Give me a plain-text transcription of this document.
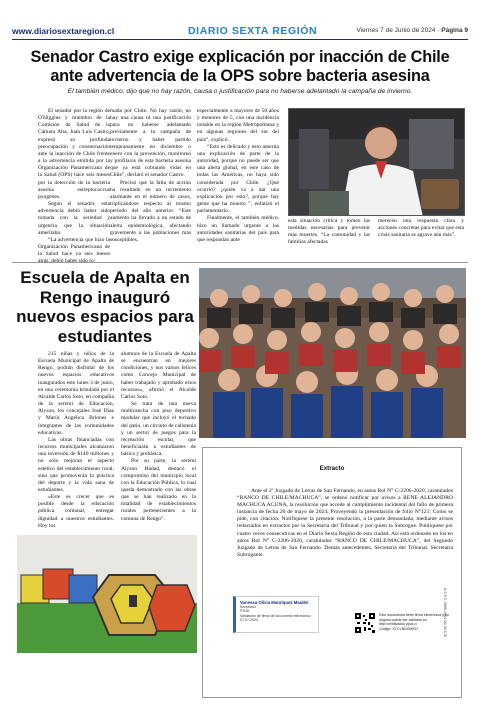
www.diariosextaregion.cl	DIARIO SEXTA REGIÓN	Viernes 7 de Junio de 2024 · Página 9
Senador Castro exige explicación por inacción de Chile ante advertencia de la OPS sobre bacteria asesina
El también médico, dijo que no hay razón, causa o justificación para no haberse adelantado la campaña de invierno.

El senador por la región de O'Higgins y miembro de la Comisión de Salud de la Cámara Alta, Juan Luis Castro, expresó su profunda preocupación y consternación ante la inacción de Chile frente a la advertencia emitida por la Organización Panamericana de la Salud (OPS) hace seis meses por la detección de la bacteria asesina estreptococcus pyogenes.

Según el senador, esta advertencia debió haber sido tomada con la seriedad y urgencia que la situación ameritaba.

“La advertencia que hizo la Organización Panamericana de la Salud hace ya seis meses

mada por Chile. No hay razón, no hay una causa ni una justificación para no haberse adelantado previamente a la campaña de invierno y haber partido tempranamente en diciembre o enero con la prevención, monitoreo y profilaxis de esta bacteria asesina que ya está cobrando vidas en Chile”, declaró el senador Castro.

Precisó que la falta de acción ha resultado en un incremento alarmante en el número de casos, triplicándose respecto al mismo período del año anterior. “Este aumento ha llevado a un estado de alerta epidemiológica, afectando gravemente a las poblaciones más susceptibles,

especialmente a mayores de 50 años y menores de 5, con una incidencia notable en la región Metropolitana y en algunas regiones del sur del país”, explicó.

“Esto es delicado y esto amerita una explicación de parte de la autoridad, porque no puede ser que una alerta global, en este caso de todas las Américas, no haya sido considerada por Chile. ¿Qué ocurrió? ¿quién va a dar una explicación por esto?, porque hay gente que ha muerto ”, enfatizó el parlamentario.

Finalmente, el también médico, hizo un llamado urgente a las autoridades sanitarias del país para que respondan ante

esta situación crítica y tomen las medidas necesarias para prevenir más muertes. “La comunidad y las familias afectadas

merecen una respuesta clara y acciones concretas para evitar que esta crisis sanitaria se agrave aún más”.

Escuela de Apalta en Rengo inauguró nuevos espacios para estudiantes

215 niñas y niños de la Escuela Municipal de Apalta de Rengo, podrán disfrutar de los nuevos espacios educativos inaugurados este lunes 3 de junio, en una ceremonia brindada por el Alcalde Carlos Soto, en compañía de la seremi de Educación, Alyson, los concejales José Díaz y María Angélica Briones e integrantes de las comunidades educativas.

Las obras financiadas con recursos municipales alcanzaron una inversión de $140 millones y no sólo mejoran el aspecto estético del establecimiento rural; sino que promoverán la práctica del deporte y la vida sana de estudiantes.

«Este es crecer que es posible desde la educación pública comunal, entregar dignidad a nuestros estudiantes. Hoy los

alumnos de la Escuela de Apalta se encuentran en mejores condiciones, y nos vamos felices como Concejo Municipal de haber trabajado y aprobado estos recursos», afirmó el Alcalde Carlos Soto.

Se trata de una nueva multicancha con piso deportivo modular que incluyó el techado del patio, un circuito de calistenia y un sector de juegos para la recreación escolar, que beneficiarán a estudiantes de básica y prebásica.

Por su parte, la seremi Alyson Hadad, destacó el compromiso del municipio local con la Educación Pública, lo cual queda demostrado con las obras que se han realizado en la totalidad de establecimientos rurales pertenecientes a la comuna de Rengo”.

Extracto

Ante el 2º Juzgado de Letras de San Fernando, en autos Rol N° C-2206-2020, caratulados “BANCO DE CHILE/MACHUCA”, se ordenó notificar por avisos a RENE ALEJANDRO MACHUCA ACUNA, la resolución que accede al cumplimiento incidental del fallo de primera instancia de fecha 20 de mayo de 2024; Proveyendo la presentación de folio N°121: Como se pide, con citación. Notifíquese la presente resolución, a la parte demandada, mediante avisos redactados en extractos por la Secretaria del Tribunal y por quien la Subrogue. Publíquese por cuatro veces consecutivas en el Diario Sexta Región de esta ciudad. Así está ordenado en los en autos Rol N° C-2206-2020, caratulados “BANCO DE CHILE/MACHUCA”, del Segundo Juzgado de Letras de San Fernando. Demás antecedentes, Secretaria del Tribunal. Secretaria Subrogante.

A.S.F.C. 0806-2024-00-30 C-B
Vanessa Olivia Manriquez Maulén
Secretario
PJUD
Validación de firma de documento electrónico 07-07-2024
Este documento tiene firma electrónica y su original puede ser validado en http://verificadoc.pjud.cl
Código: XTCLNNGMKH
